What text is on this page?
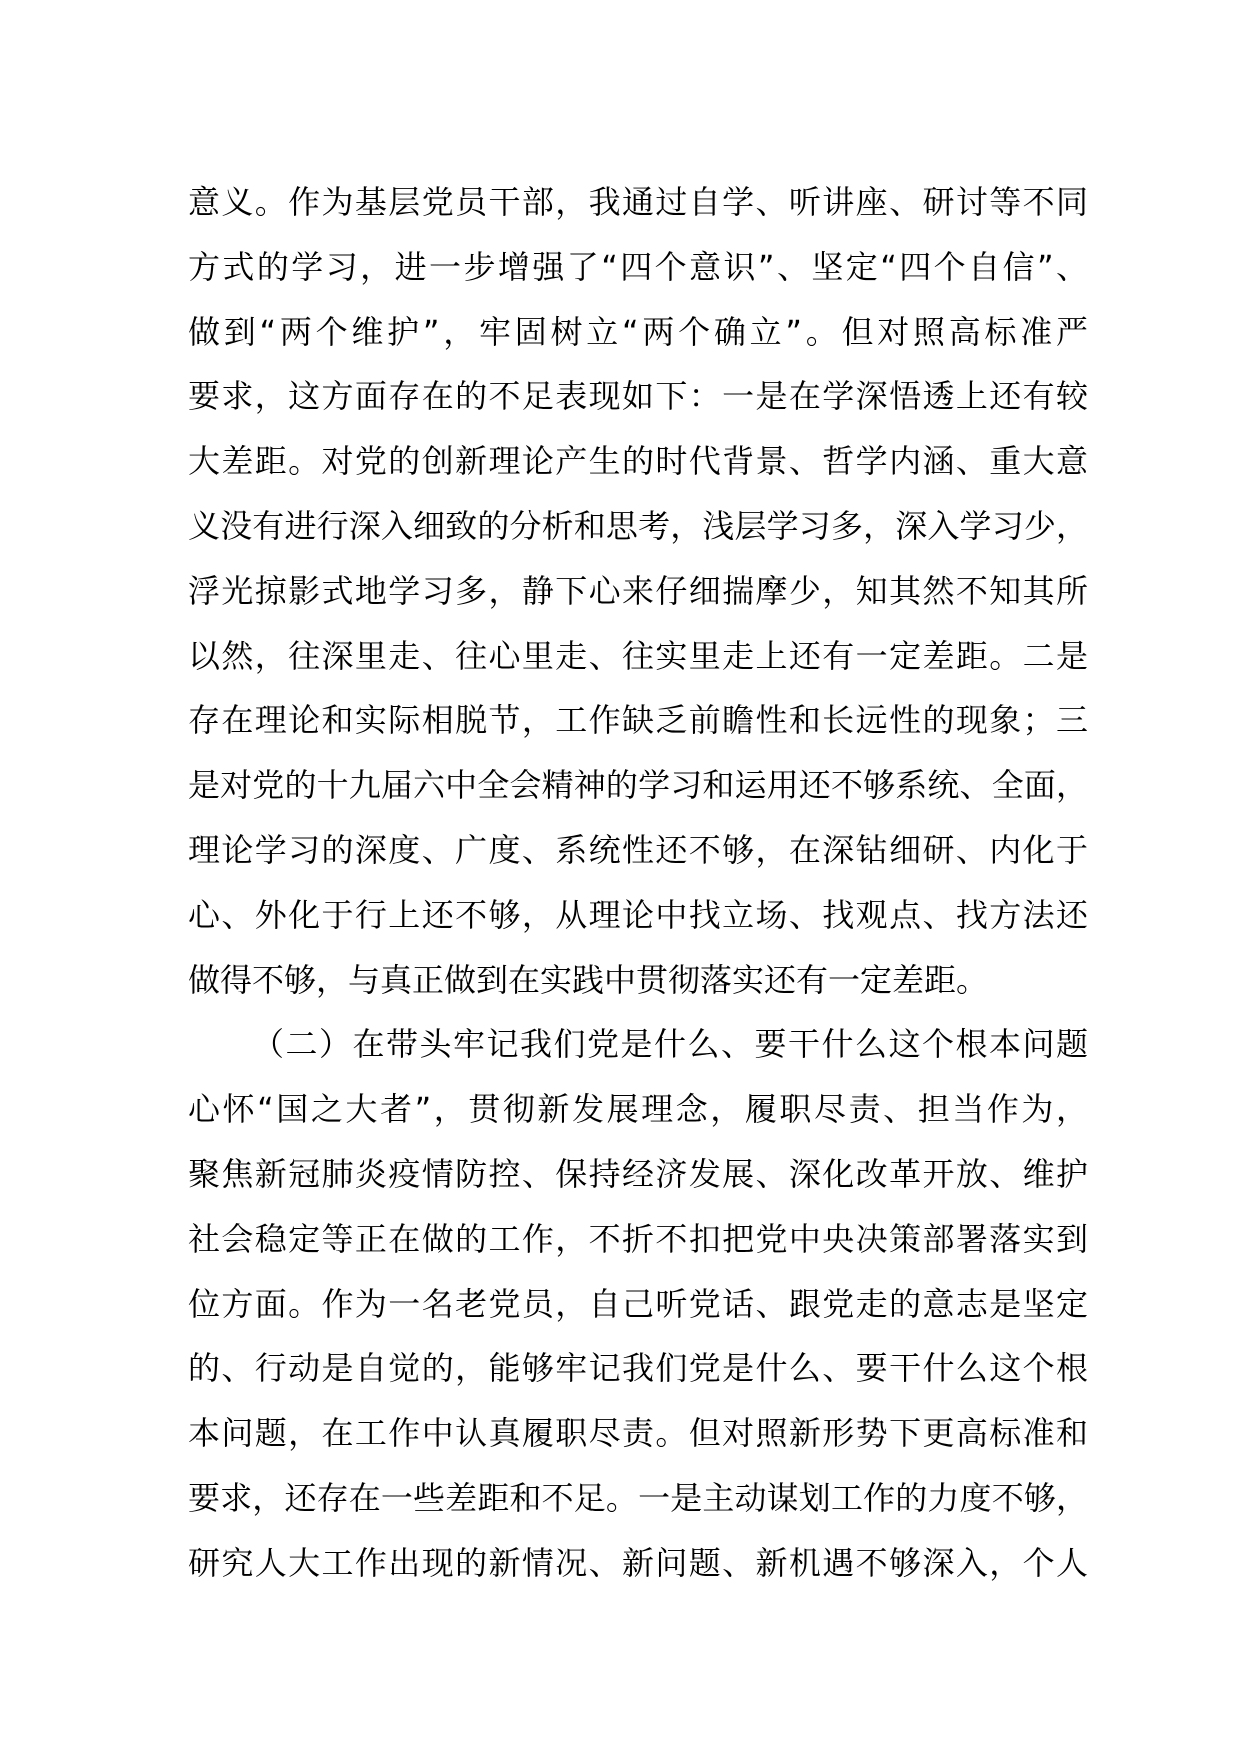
意义。作为基层党员干部，我通过自学、听讲座、研讨等不同
方式的学习，进一步增强了“四个意识”、坚定“四个自信”、
做到“两个维护”，牢固树立“两个确立”。但对照高标准严
要求，这方面存在的不足表现如下：一是在学深悟透上还有较
大差距。对党的创新理论产生的时代背景、哲学内涵、重大意
义没有进行深入细致的分析和思考，浅层学习多，深入学习少，
浮光掠影式地学习多，静下心来仔细揣摩少，知其然不知其所
以然，往深里走、往心里走、往实里走上还有一定差距。二是
存在理论和实际相脱节，工作缺乏前瞻性和长远性的现象；三
是对党的十九届六中全会精神的学习和运用还不够系统、全面，
理论学习的深度、广度、系统性还不够，在深钻细研、内化于
心、外化于行上还不够，从理论中找立场、找观点、找方法还
做得不够，与真正做到在实践中贯彻落实还有一定差距。
（二）在带头牢记我们党是什么、要干什么这个根本问题
心怀“国之大者”，贯彻新发展理念，履职尽责、担当作为，
聚焦新冠肺炎疫情防控、保持经济发展、深化改革开放、维护
社会稳定等正在做的工作，不折不扣把党中央决策部署落实到
位方面。作为一名老党员，自己听党话、跟党走的意志是坚定
的、行动是自觉的，能够牢记我们党是什么、要干什么这个根
本问题，在工作中认真履职尽责。但对照新形势下更高标准和
要求，还存在一些差距和不足。一是主动谋划工作的力度不够，
研究人大工作出现的新情况、新问题、新机遇不够深入，个人
